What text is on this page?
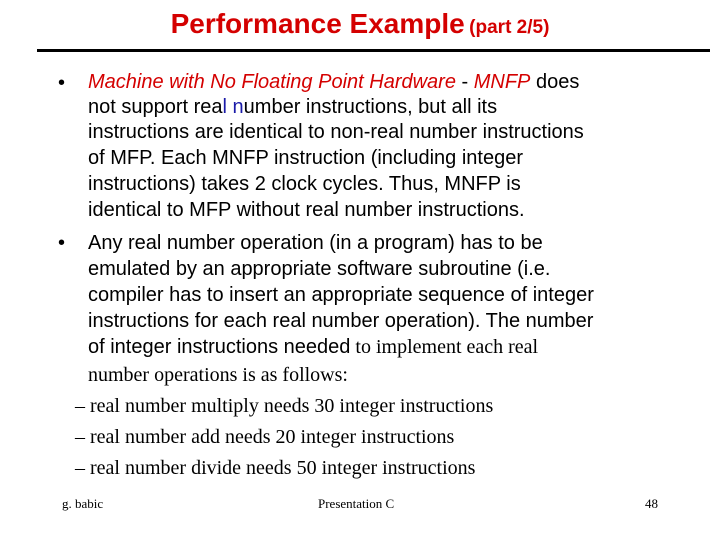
Performance Example (part 2/5)
• Machine with No Floating Point Hardware - MNFP does
not support real number instructions, but all its
instructions are identical to non-real number instructions
of MFP. Each MNFP instruction (including integer
instructions) takes 2 clock cycles. Thus, MNFP is
identical to MFP without real number instructions.
• Any real number operation (in a program) has to be
emulated by an appropriate software subroutine (i.e.
compiler has to insert an appropriate sequence of integer
instructions for each real number operation). The number
of integer instructions needed to implement each real
number operations is as follows:
– real number multiply needs 30 integer instructions
– real number add needs 20 integer instructions
– real number divide needs 50 integer instructions
g. babic	Presentation C	48
